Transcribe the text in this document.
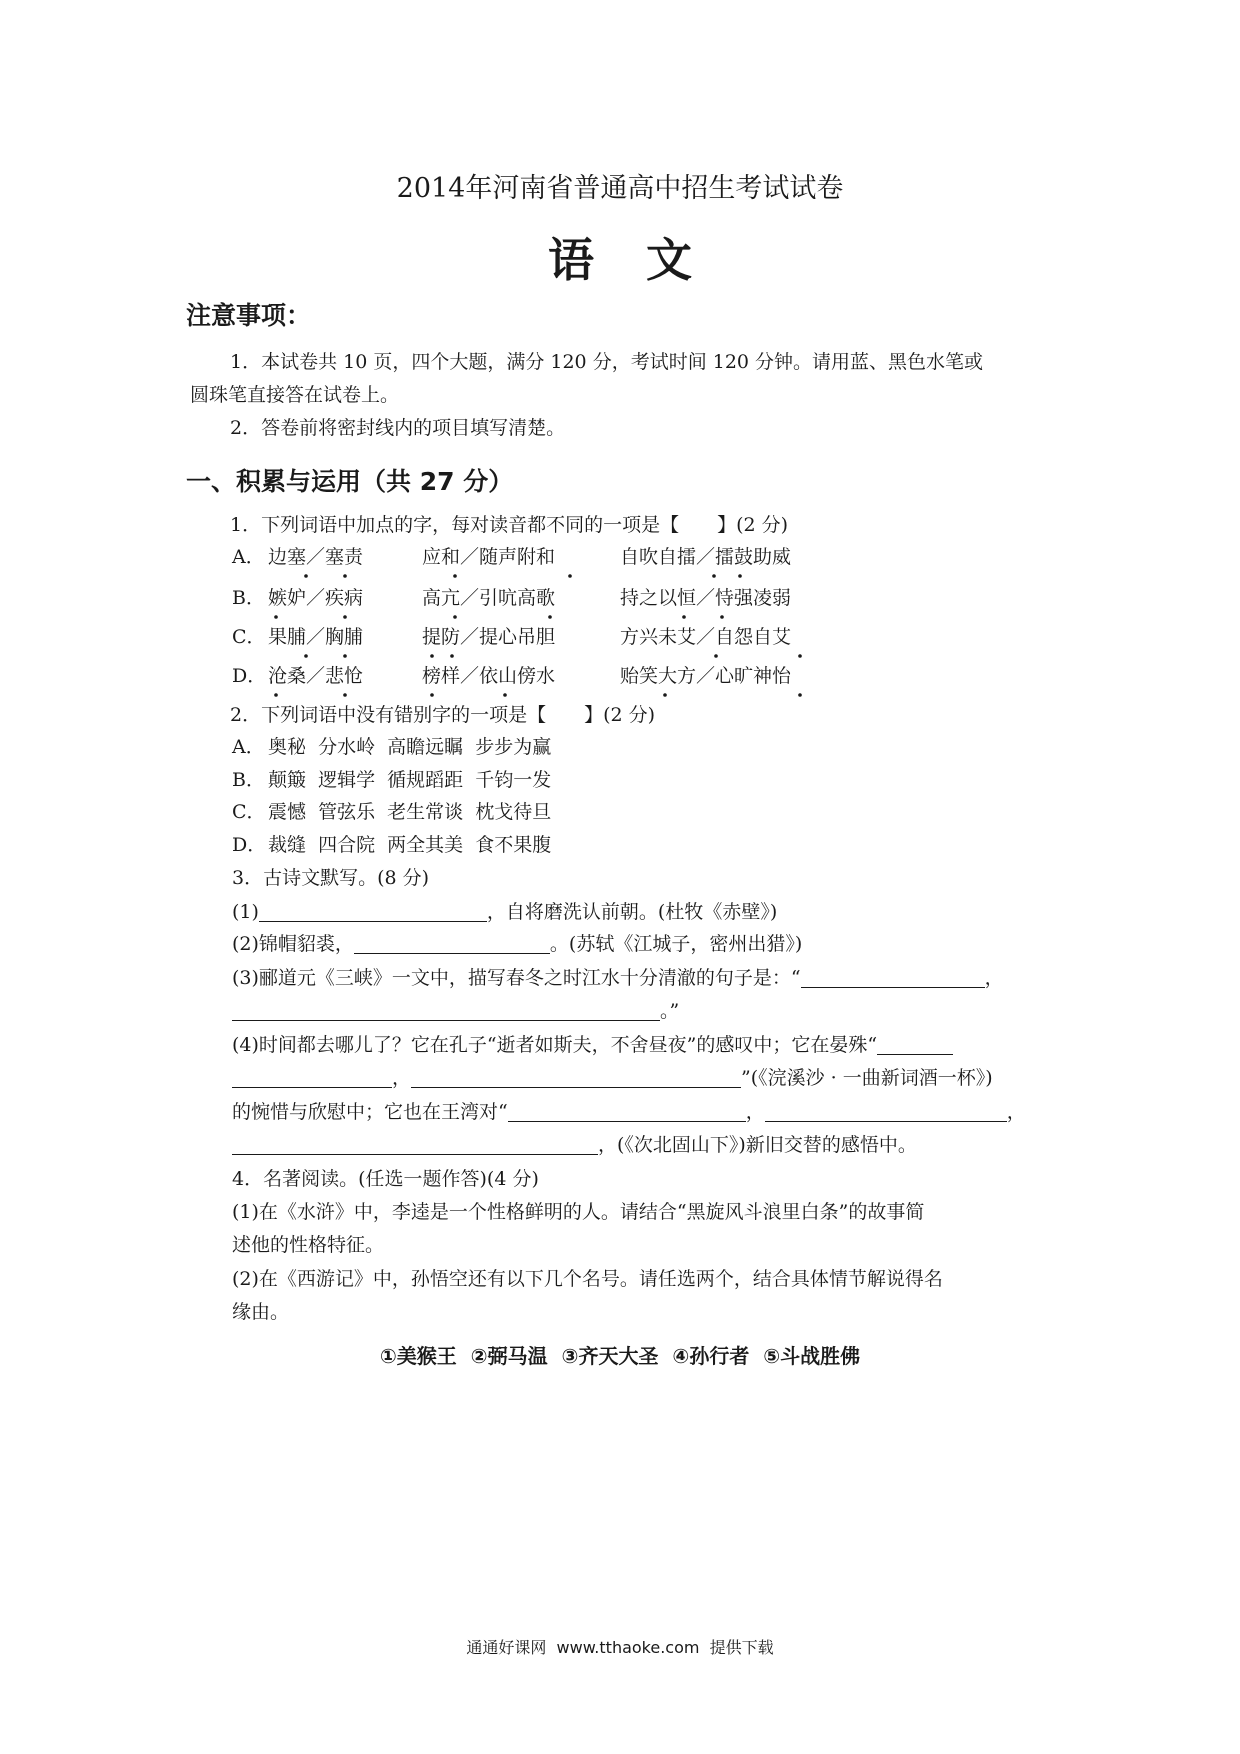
2014年河南省普通高中招生考试试卷
语文
注意事项：
1．本试卷共 10 页，四个大题，满分 120 分，考试时间 120 分钟。请用蓝、黑色水笔或
圆珠笔直接答在试卷上。
2．答卷前将密封线内的项目填写清楚。
一、积累与运用（共 27 分）
1．下列词语中加点的字，每对读音都不同的一项是【　　】(2 分)
A． 边塞／塞责	应和／随声附和	自吹自擂／擂鼓助威
B． 嫉妒／疾病	高亢／引吭高歌	持之以恒／恃强凌弱
C． 果脯／胸脯	提防／提心吊胆	方兴未艾／自怨自艾
D． 沧桑／悲怆	榜样／依山傍水	贻笑大方／心旷神怡
2．下列词语中没有错别字的一项是【　　】(2 分)
A． 奥秘  分水岭  高瞻远瞩  步步为赢
B． 颠簸  逻辑学  循规蹈距  千钧一发
C． 震憾  管弦乐  老生常谈  枕戈待旦
D．裁缝  四合院  两全其美  食不果腹
3．古诗文默写。(8 分)
(1)	，自将磨洗认前朝。(杜牧《赤壁》)
(2)锦帽貂裘，	。(苏轼《江城子，密州出猎》)
(3)郦道元《三峡》一文中，描写春冬之时江水十分清澈的句子是：“	，
。”
(4)时间都去哪儿了？它在孔子“逝者如斯夫，不舍昼夜”的感叹中；它在晏殊“
，	”(《浣溪沙 · 一曲新词酒一杯》)
的惋惜与欣慰中；它也在王湾对“	，	，
，(《次北固山下》)新旧交替的感悟中。
4．名著阅读。(任选一题作答)(4 分)
(1)在《水浒》中，李逵是一个性格鲜明的人。请结合“黑旋风斗浪里白条”的故事简
述他的性格特征。
(2)在《西游记》中，孙悟空还有以下几个名号。请任选两个，结合具体情节解说得名
缘由。
①美猴王  ②弼马温  ③齐天大圣  ④孙行者  ⑤斗战胜佛
通通好课网  www.tthaoke.com  提供下载
